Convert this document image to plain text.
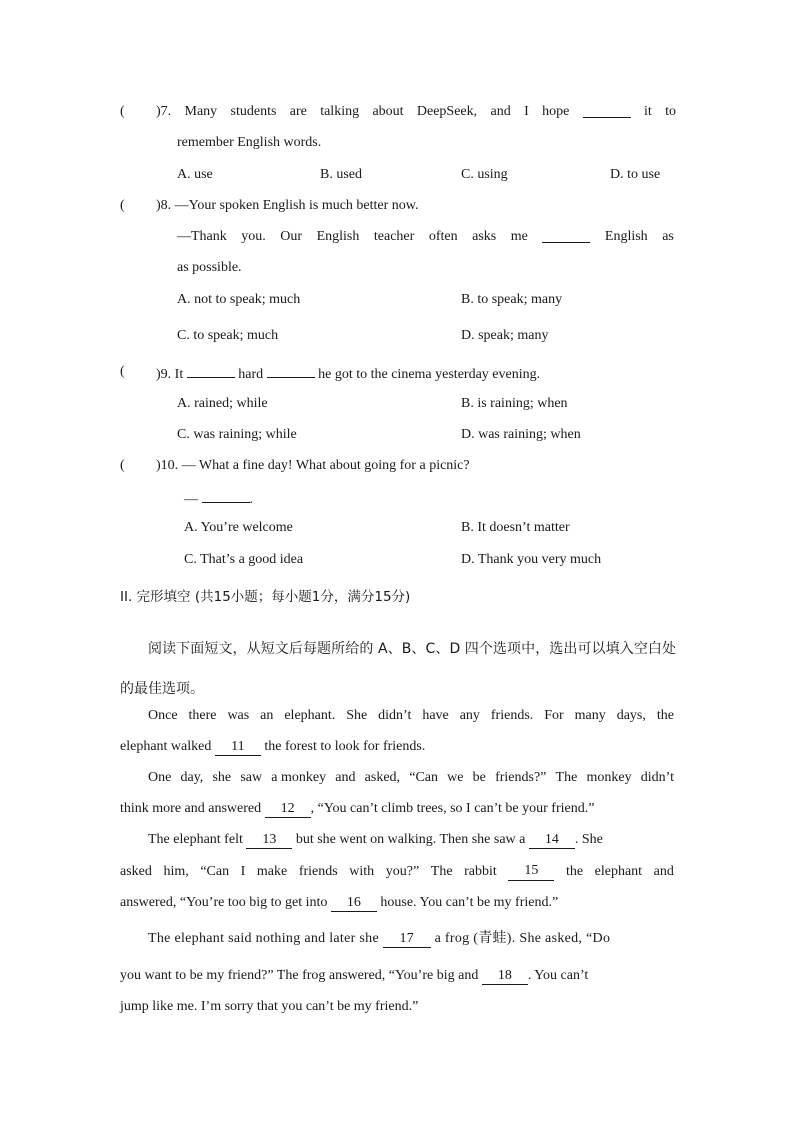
( )7. Many students are talking about DeepSeek, and I hope	it to
remember English words.
A. use	B. used	C. using	D. to use
( )8. —Your spoken English is much better now.
—Thank you. Our English teacher often asks me	English as
as possible.
A. not to speak; much	B. to speak; many
C. to speak; much	D. speak; many
( )9. It	hard	he got to the cinema yesterday evening.
A. rained; while	B. is raining; when
C. was raining; while	D. was raining; when
( )10. — What a fine day! What about going for a picnic?
—	.
A. You’re welcome	B. It doesn’t matter
C. That’s a good idea	D. Thank you very much
II. 完形填空 (共15小题；每小题1分，满分15分)
阅读下面短文，从短文后每题所给的 A、B、C、D 四个选项中，选出可以填入空白处的最佳选项。
Once there was an elephant. She didn’t have any friends. For many days, the
elephant walked 11 the forest to look for friends.
One day, she saw a monkey and asked, “Can we be friends?” The monkey didn’t
think more and answered 12 , “You can’t climb trees, so I can’t be your friend.”
The elephant felt 13 but she went on walking. Then she saw a 14 . She
asked him, “Can I make friends with you?” The rabbit	15	the elephant and
answered, “You’re too big to get into 16 house. You can’t be my friend.”
The elephant said nothing and later she 17 a frog (青蛙). She asked, “Do
you want to be my friend?” The frog answered, “You’re big and 18 . You can’t
jump like me. I’m sorry that you can’t be my friend.”
